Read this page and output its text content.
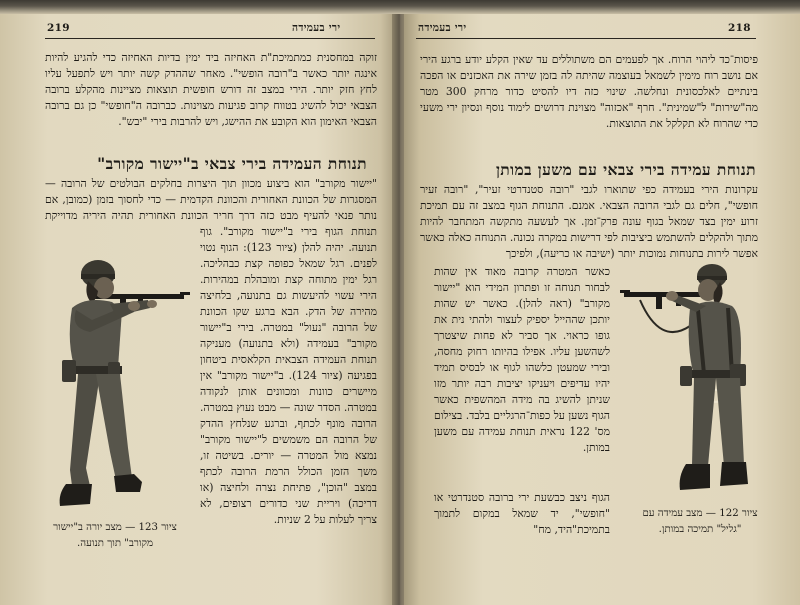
219	ירי בעמידה
זוקה במחסנית כמתמיכת"ת האחיזה ביד ימין בדיות האחיזה כדי להגיע להיות אינגה יותר כאשר ב"רובה הופשי". מאחר שההדק קשה יותר ויש לתפעל עליו לחץ חזק יותר. הירי במצב זה דורש חופשית תוצאות מציינות מהקלע ברובה הצבאי יכול להשיג בטווח קרוב פגיעות מצוינות. כברובה ה"חופשי" כן גם ברובה הצבאי האימון הוא הקובע את ההישג, ויש להרבות בירי "יבש".
תנוחת העמידה בירי צבאי ב"יישור מקורב"
"יישור מקורב" הוא ביצוע מכוון תוך היצרות בחלקים הבולטים של הרובה — המסגרות של הכוונת האחורית והכוונת הקדמית — כדי לחסוך בזמן (כמובן, אם נותר פנאי להעיף מבט כזה דרך חריר הכוונת האחורית תהיה היריה מדוייקת
תנוחת הגוף בירי ב"יישור מקורב". גוף תנועה. יהיה להלן (ציור 123): הגוף נטוי לפנים. רגל שמאל כפופה קצת כבהליכה. רגל ימין מתוחה קצת ומובהלת במהירות. הירי עשוי להיעשות גם בתנועה, בלחיצה מהירה של הדק. הבא ברגע שקו הכוונת של הרובה "נעול" במטרה. בירי ב"יישור מקורב" בעמידה (ולא בתנועה) מעניקה תנוחת העמידה הצבאית הקלאסית ביטחון בפגיעה (ציור 124). ב"יישור מקורב" אין מיישרים כוונות ומכוונים אותן לנקודה במטרה. הסדר שונה — מבט נעוץ במטרה. הרובה מונף לכתף, וברגע שנלחץ ההדק של הרובה הם משמשים ל"יישור מקורב" נמצא מול המטרה — יורים. בשיטה זו, משך הזמן הכולל הרמת הרובה לכתף במצב "הוכן", פתיחת נצרה ולחיצה (או דריכה) ויריית שני כדורים רצופים, לא צריך לעלות על 2 שניות.
ציור 123 — מצב יורה ב"יישור
מקורב" תוך תנועה.
ירי בעמידה	218
פיסות־כד ליהוי הרוח. אך לפעמים הם משתוללים עד שאין הקלע יודע ברגע הירי אם נושב רוח מימין לשמאל בעוצמה שהיתה לה בזמן שירה את האכזנים או הפכה בינתיים לאלכסונית ונחלשה. שינוי כזה דיו להסיט כדור מרחק 300 מטר מה"שירות" ל"שמינית". חרף "אכזוה" מצוינת דרושים לימוד נוסף ונסיון ירי משעי כדי שהרוח לא תקלקל את התוצאות.
תנוחת עמידה בירי צבאי עם משען במותן
עקרונות הירי בעמידה כפי שתוארו לגבי "רובה סטנדרטי זעיר", "רובה זעיר חופשי", חלים גם לגבי הרובה הצבאי. אמנם. התנוחת הגוף במצב זה עם תמיכת זרוע ימין בצד שמאל בגוף עונה פרק־זמן. אך לעשעה מתקשה המתחבר להיות מתוך ולהקלים להשתמש ביציבות לפי דרישות במקרה נכונה. התנוחה כאלה כאשר אפשר לירות בתנוחות נמוכות יותר (ישיבה או כריעה), ולפיכך
כאשר המטרה קרובה מאוד אין שהות לבחור תנוחה זו ופתרון המידי הוא "יישור מקורב" (ראה להלן). כאשר יש שהות יותכן שההייל יספיק לעצור ולהתי נית את גופו כראוי. אך סביר לא פחות שיצטרך לשהשען עליו. אפילו בהיותו רחוק מחסה, ובירי שמעטן כלשהו לגוף או לבסיס תמיד יהיו עדיפים ויעניקו יציבות רבה יותר מזו שניתן להשיג בה מידה המהשפית כאשר הגוף נשען על כפות־הרגליים בלבד. בצילום מס' 122 נראית תנוחת עמידה עם משען במותן.
הגוף ניצב כבשעת ירי ברובה סטנדרטי או "חופשי", יד שמאל במקום לתמוך בתמיכת"היד, מח"
ציור 122 — מצב עמידה עם
"גליל" תמיכה במותן.
